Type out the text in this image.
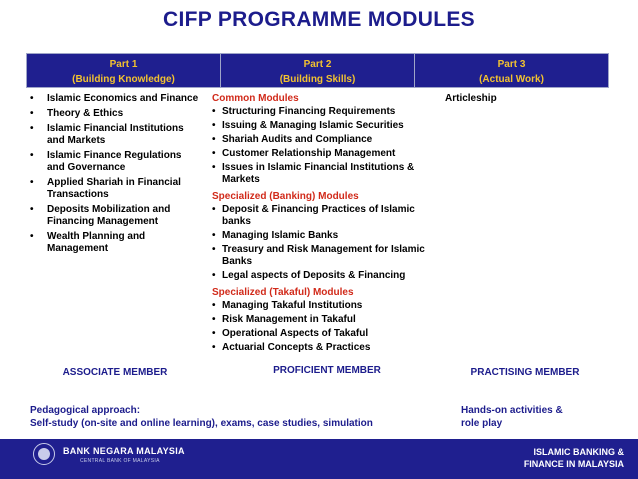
CIFP PROGRAMME MODULES
Part 1
(Building Knowledge)
Part 2
(Building Skills)
Part 3
(Actual Work)
• Islamic Economics and Finance
• Theory & Ethics
• Islamic Financial Institutions and Markets
• Islamic Finance Regulations and Governance
• Applied Shariah in Financial Transactions
• Deposits Mobilization and Financing Management
• Wealth Planning and Management
Common Modules
• Structuring Financing Requirements
• Issuing & Managing Islamic Securities
• Shariah Audits and Compliance
• Customer Relationship Management
• Issues in Islamic Financial Institutions & Markets
Specialized (Banking) Modules
• Deposit & Financing Practices of Islamic banks
• Managing Islamic Banks
• Treasury and Risk Management for Islamic Banks
• Legal aspects of Deposits & Financing
Specialized (Takaful) Modules
• Managing Takaful Institutions
• Risk Management in Takaful
• Operational Aspects of Takaful
• Actuarial Concepts & Practices
Articleship
ASSOCIATE MEMBER	PROFICIENT MEMBER	PRACTISING MEMBER
Pedagogical approach:
Self-study (on-site and online learning), exams, case studies, simulation
Hands-on activities &
role play
BANK NEGARA MALAYSIA
CENTRAL BANK OF MALAYSIA
ISLAMIC BANKING &
FINANCE IN MALAYSIA
